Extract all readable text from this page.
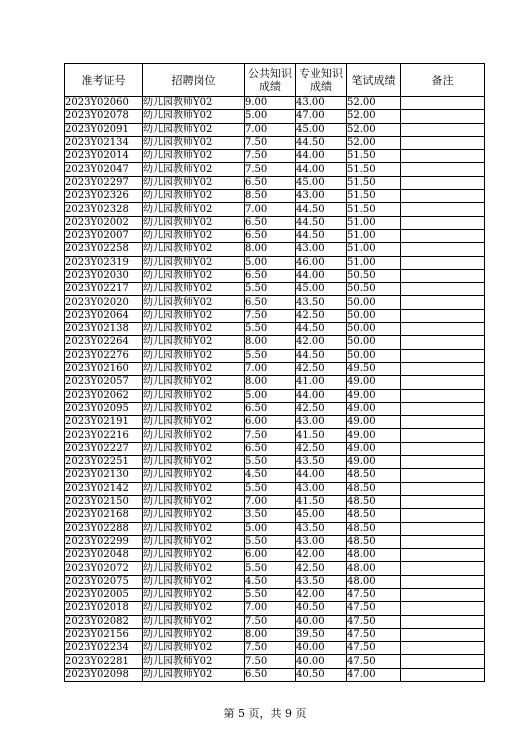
准考证号	招聘岗位	公共知识成绩	专业知识成绩	笔试成绩	备注
2023Y02060	幼儿园教师Y02	9.00	43.00	52.00	
2023Y02078	幼儿园教师Y02	5.00	47.00	52.00	
2023Y02091	幼儿园教师Y02	7.00	45.00	52.00	
2023Y02134	幼儿园教师Y02	7.50	44.50	52.00	
2023Y02014	幼儿园教师Y02	7.50	44.00	51.50	
2023Y02047	幼儿园教师Y02	7.50	44.00	51.50	
2023Y02297	幼儿园教师Y02	6.50	45.00	51.50	
2023Y02326	幼儿园教师Y02	8.50	43.00	51.50	
2023Y02328	幼儿园教师Y02	7.00	44.50	51.50	
2023Y02002	幼儿园教师Y02	6.50	44.50	51.00	
2023Y02007	幼儿园教师Y02	6.50	44.50	51.00	
2023Y02258	幼儿园教师Y02	8.00	43.00	51.00	
2023Y02319	幼儿园教师Y02	5.00	46.00	51.00	
2023Y02030	幼儿园教师Y02	6.50	44.00	50.50	
2023Y02217	幼儿园教师Y02	5.50	45.00	50.50	
2023Y02020	幼儿园教师Y02	6.50	43.50	50.00	
2023Y02064	幼儿园教师Y02	7.50	42.50	50.00	
2023Y02138	幼儿园教师Y02	5.50	44.50	50.00	
2023Y02264	幼儿园教师Y02	8.00	42.00	50.00	
2023Y02276	幼儿园教师Y02	5.50	44.50	50.00	
2023Y02160	幼儿园教师Y02	7.00	42.50	49.50	
2023Y02057	幼儿园教师Y02	8.00	41.00	49.00	
2023Y02062	幼儿园教师Y02	5.00	44.00	49.00	
2023Y02095	幼儿园教师Y02	6.50	42.50	49.00	
2023Y02191	幼儿园教师Y02	6.00	43.00	49.00	
2023Y02216	幼儿园教师Y02	7.50	41.50	49.00	
2023Y02227	幼儿园教师Y02	6.50	42.50	49.00	
2023Y02251	幼儿园教师Y02	5.50	43.50	49.00	
2023Y02130	幼儿园教师Y02	4.50	44.00	48.50	
2023Y02142	幼儿园教师Y02	5.50	43.00	48.50	
2023Y02150	幼儿园教师Y02	7.00	41.50	48.50	
2023Y02168	幼儿园教师Y02	3.50	45.00	48.50	
2023Y02288	幼儿园教师Y02	5.00	43.50	48.50	
2023Y02299	幼儿园教师Y02	5.50	43.00	48.50	
2023Y02048	幼儿园教师Y02	6.00	42.00	48.00	
2023Y02072	幼儿园教师Y02	5.50	42.50	48.00	
2023Y02075	幼儿园教师Y02	4.50	43.50	48.00	
2023Y02005	幼儿园教师Y02	5.50	42.00	47.50	
2023Y02018	幼儿园教师Y02	7.00	40.50	47.50	
2023Y02082	幼儿园教师Y02	7.50	40.00	47.50	
2023Y02156	幼儿园教师Y02	8.00	39.50	47.50	
2023Y02234	幼儿园教师Y02	7.50	40.00	47.50	
2023Y02281	幼儿园教师Y02	7.50	40.00	47.50	
2023Y02098	幼儿园教师Y02	6.50	40.50	47.00	
第 5 页，共 9 页
